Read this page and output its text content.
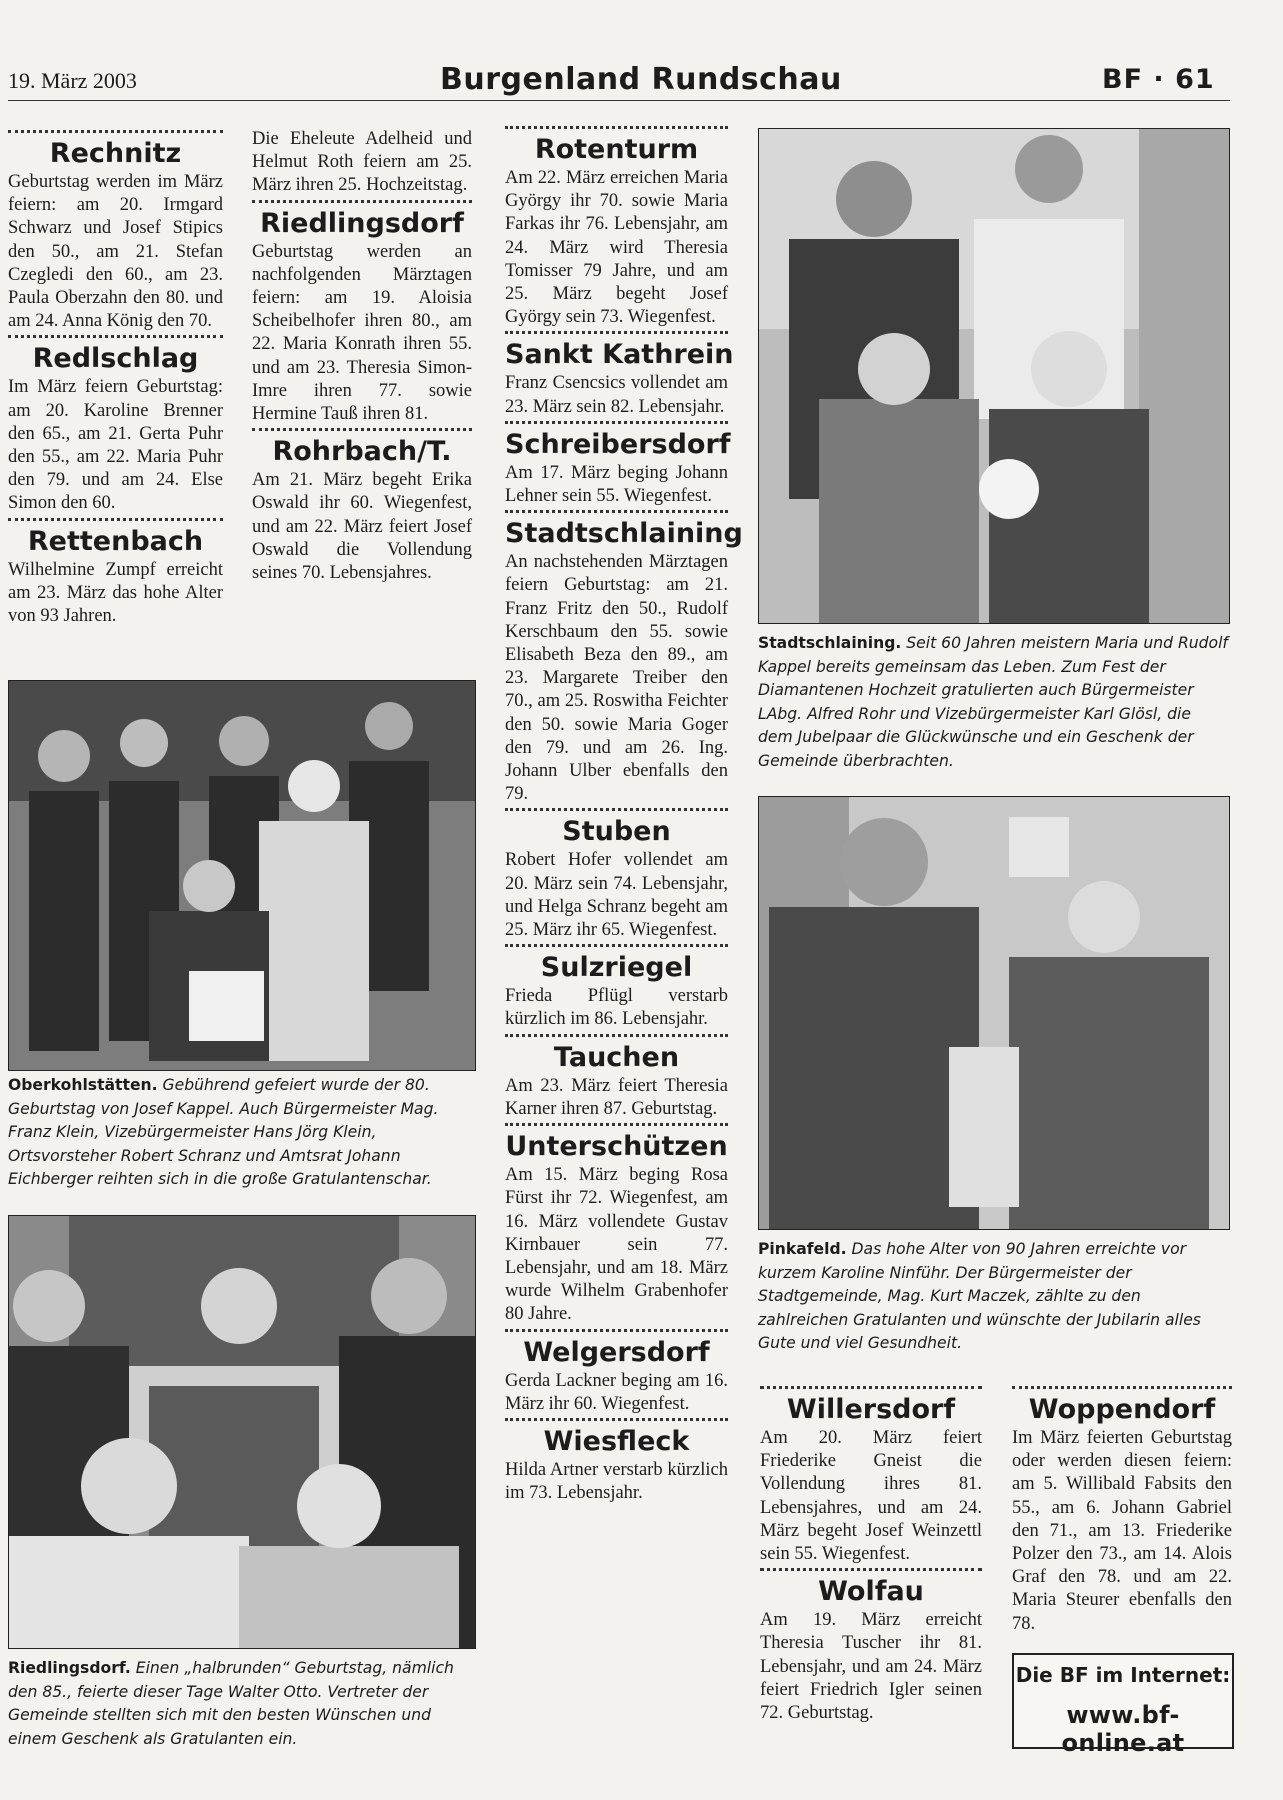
19. März 2003	Burgenland Rundschau	BF · 61
Rechnitz

Geburtstag werden im März feiern: am 20. Irmgard Schwarz und Josef Stipics den 50., am 21. Stefan Czegledi den 60., am 23. Paula Oberzahn den 80. und am 24. Anna König den 70.

Redlschlag

Im März feiern Geburtstag: am 20. Karoline Brenner den 65., am 21. Gerta Puhr den 55., am 22. Maria Puhr den 79. und am 24. Else Simon den 60.

Rettenbach

Wilhelmine Zumpf erreicht am 23. März das hohe Alter von 93 Jahren.

Die Eheleute Adelheid und Helmut Roth feiern am 25. März ihren 25. Hochzeitstag.

Riedlingsdorf

Geburtstag werden an nachfolgenden Märztagen feiern: am 19. Aloisia Scheibelhofer ihren 80., am 22. Maria Konrath ihren 55. und am 23. Theresia Simon-Imre ihren 77. sowie Hermine Tauß ihren 81.

Rohrbach/T.

Am 21. März begeht Erika Oswald ihr 60. Wiegenfest, und am 22. März feiert Josef Oswald die Vollendung seines 70. Lebensjahres.

Rotenturm

Am 22. März erreichen Maria György ihr 70. sowie Maria Farkas ihr 76. Lebensjahr, am 24. März wird Theresia Tomisser 79 Jahre, und am 25. März begeht Josef György sein 73. Wiegenfest.

Sankt Kathrein

Franz Csencsics vollendet am 23. März sein 82. Lebensjahr.

Schreibersdorf

Am 17. März beging Johann Lehner sein 55. Wiegenfest.

Stadtschlaining

An nachstehenden Märztagen feiern Geburtstag: am 21. Franz Fritz den 50., Rudolf Kerschbaum den 55. sowie Elisabeth Beza den 89., am 23. Margarete Treiber den 70., am 25. Roswitha Feichter den 50. sowie Maria Goger den 79. und am 26. Ing. Johann Ulber ebenfalls den 79.

Stuben

Robert Hofer vollendet am 20. März sein 74. Lebensjahr, und Helga Schranz begeht am 25. März ihr 65. Wiegenfest.

Sulzriegel

Frieda Pflügl verstarb kürzlich im 86. Lebensjahr.

Tauchen

Am 23. März feiert Theresia Karner ihren 87. Geburtstag.

Unterschützen

Am 15. März beging Rosa Fürst ihr 72. Wiegenfest, am 16. März vollendete Gustav Kirnbauer sein 77. Lebensjahr, und am 18. März wurde Wilhelm Grabenhofer 80 Jahre.

Welgersdorf

Gerda Lackner beging am 16. März ihr 60. Wiegenfest.

Wiesfleck

Hilda Artner verstarb kürzlich im 73. Lebensjahr.

Willersdorf

Am 20. März feiert Friederike Gneist die Vollendung ihres 81. Lebensjahres, und am 24. März begeht Josef Weinzettl sein 55. Wiegenfest.

Wolfau

Am 19. März erreicht Theresia Tuscher ihr 81. Lebensjahr, und am 24. März feiert Friedrich Igler seinen 72. Geburtstag.

Woppendorf

Im März feierten Geburtstag oder werden diesen feiern: am 5. Willibald Fabsits den 55., am 6. Johann Gabriel den 71., am 13. Friederike Polzer den 73., am 14. Alois Graf den 78. und am 22. Maria Steurer ebenfalls den 78.

Oberkohlstätten. Gebührend gefeiert wurde der 80. Geburtstag von Josef Kappel. Auch Bürgermeister Mag. Franz Klein, Vizebürgermeister Hans Jörg Klein, Ortsvorsteher Robert Schranz und Amtsrat Johann Eichberger reihten sich in die große Gratulantenschar.

Riedlingsdorf. Einen „halbrunden“ Geburtstag, nämlich den 85., feierte dieser Tage Walter Otto. Vertreter der Gemeinde stellten sich mit den besten Wünschen und einem Geschenk als Gratulanten ein.

Stadtschlaining. Seit 60 Jahren meistern Maria und Rudolf Kappel bereits gemeinsam das Leben. Zum Fest der Diamantenen Hochzeit gratulierten auch Bürgermeister LAbg. Alfred Rohr und Vizebürgermeister Karl Glösl, die dem Jubelpaar die Glückwünsche und ein Geschenk der Gemeinde überbrachten.

Pinkafeld. Das hohe Alter von 90 Jahren erreichte vor kurzem Karoline Ninführ. Der Bürgermeister der Stadtgemeinde, Mag. Kurt Maczek, zählte zu den zahlreichen Gratulanten und wünschte der Jubilarin alles Gute und viel Gesundheit.

Die BF im Internet:
www.bf-online.at
